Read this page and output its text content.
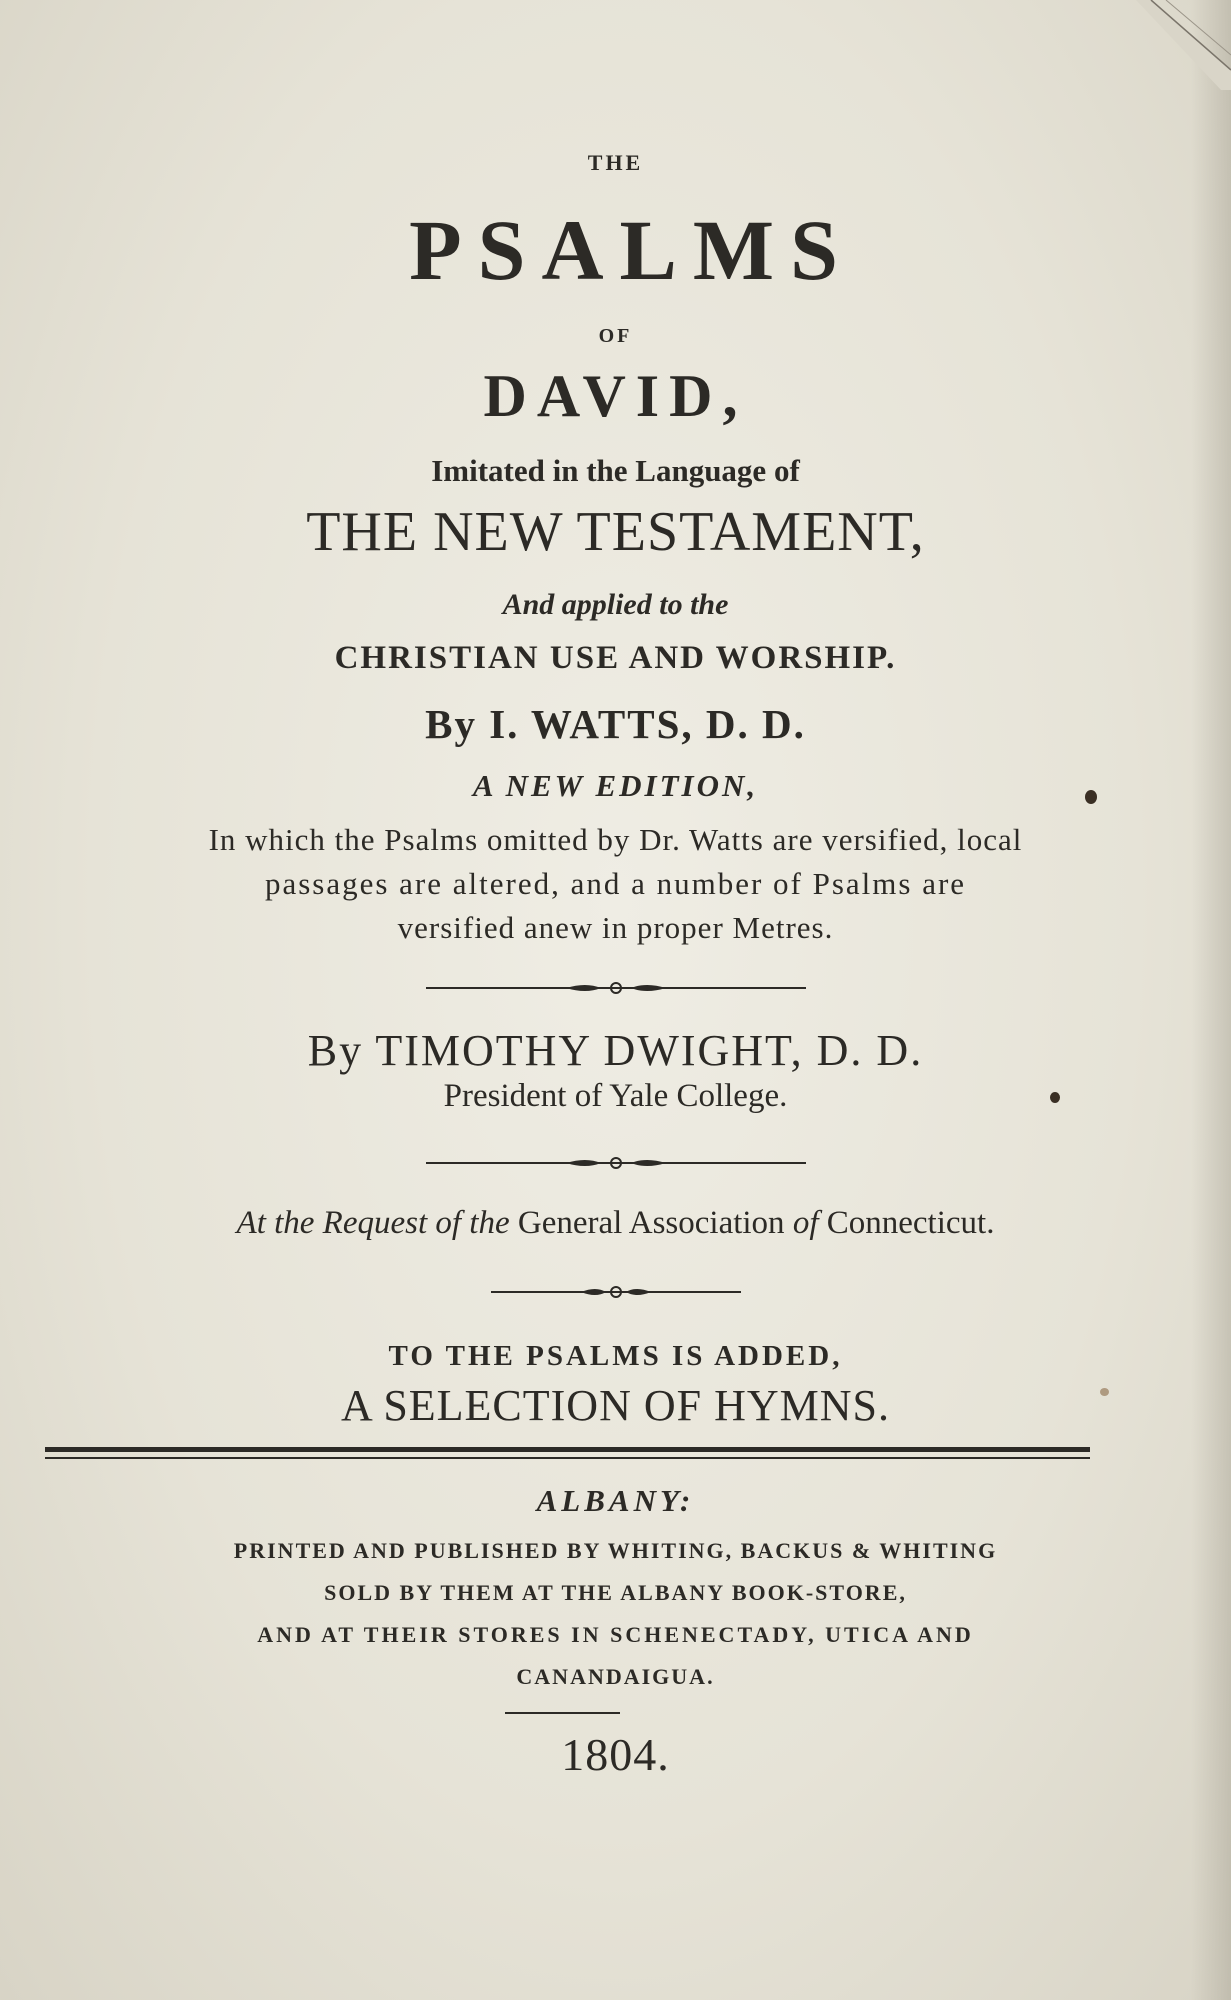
THE
PSALMS
OF
DAVID,
Imitated in the Language of
THE NEW TESTAMENT,
And applied to the
CHRISTIAN USE AND WORSHIP.
By I. WATTS, D. D.
A NEW EDITION,
In which the Psalms omitted by Dr. Watts are versified, local
passages are altered, and a number of Psalms are
versified anew in proper Metres.
By TIMOTHY DWIGHT, D. D.
President of Yale College.
At the Request of the General Association of Connecticut.
TO THE PSALMS IS ADDED,
A SELECTION OF HYMNS.
ALBANY:
PRINTED AND PUBLISHED BY WHITING, BACKUS & WHITING
SOLD BY THEM AT THE ALBANY BOOK-STORE,
AND AT THEIR STORES IN SCHENECTADY, UTICA AND
CANANDAIGUA.
1804.
